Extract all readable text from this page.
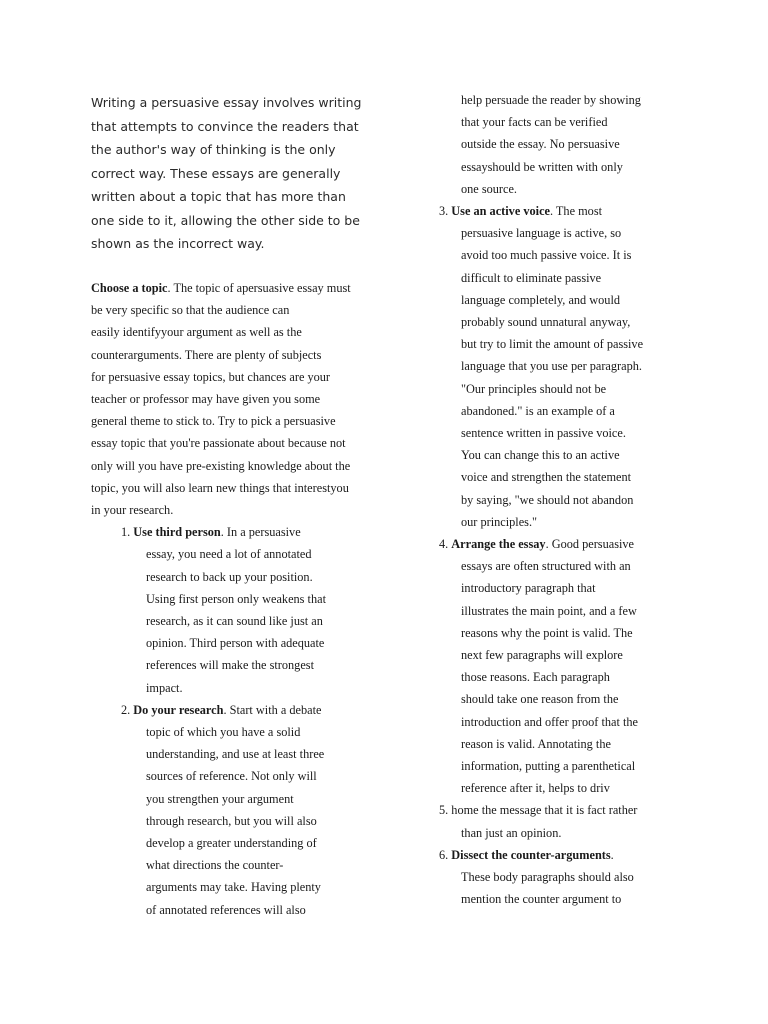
Writing a persuasive essay involves writing that attempts to convince the readers that the author's way of thinking is the only correct way. These essays are generally written about a topic that has more than one side to it, allowing the other side to be shown as the incorrect way.
Choose a topic. The topic of apersuasive essay must
be very specific so that the audience can
easily identifyyour argument as well as the
counterarguments. There are plenty of subjects
for persuasive essay topics, but chances are your
teacher or professor may have given you some
general theme to stick to. Try to pick a persuasive
essay topic that you're passionate about because not
only will you have pre-existing knowledge about the
topic, you will also learn new things that interestyou
in your research.
1. Use third person. In a persuasive
essay, you need a lot of annotated
research to back up your position.
Using first person only weakens that
research, as it can sound like just an
opinion. Third person with adequate
references will make the strongest
impact.
2. Do your research. Start with a debate
topic of which you have a solid
understanding, and use at least three
sources of reference. Not only will
you strengthen your argument
through research, but you will also
develop a greater understanding of
what directions the counter-
arguments may take. Having plenty
of annotated references will also
help persuade the reader by showing
that your facts can be verified
outside the essay. No persuasive
essayshould be written with only
one source.
3. Use an active voice. The most
persuasive language is active, so
avoid too much passive voice. It is
difficult to eliminate passive
language completely, and would
probably sound unnatural anyway,
but try to limit the amount of passive
language that you use per paragraph.
"Our principles should not be
abandoned." is an example of a
sentence written in passive voice.
You can change this to an active
voice and strengthen the statement
by saying, "we should not abandon
our principles."
4. Arrange the essay. Good persuasive
essays are often structured with an
introductory paragraph that
illustrates the main point, and a few
reasons why the point is valid. The
next few paragraphs will explore
those reasons. Each paragraph
should take one reason from the
introduction and offer proof that the
reason is valid. Annotating the
information, putting a parenthetical
reference after it, helps to driv
5. home the message that it is fact rather
than just an opinion.
6. Dissect the counter-arguments.
These body paragraphs should also
mention the counter argument to
